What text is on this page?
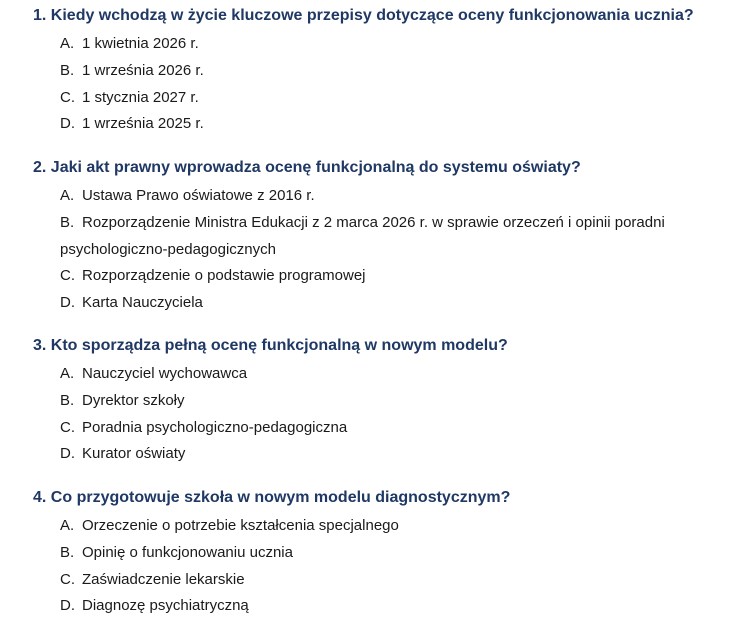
1. Kiedy wchodzą w życie kluczowe przepisy dotyczące oceny funkcjonowania ucznia?
A. 1 kwietnia 2026 r.
B. 1 września 2026 r.
C. 1 stycznia 2027 r.
D. 1 września 2025 r.
2. Jaki akt prawny wprowadza ocenę funkcjonalną do systemu oświaty?
A. Ustawa Prawo oświatowe z 2016 r.
B. Rozporządzenie Ministra Edukacji z 2 marca 2026 r. w sprawie orzeczeń i opinii poradni psychologiczno-pedagogicznych
C. Rozporządzenie o podstawie programowej
D. Karta Nauczyciela
3. Kto sporządza pełną ocenę funkcjonalną w nowym modelu?
A. Nauczyciel wychowawca
B. Dyrektor szkoły
C. Poradnia psychologiczno-pedagogiczna
D. Kurator oświaty
4. Co przygotowuje szkoła w nowym modelu diagnostycznym?
A. Orzeczenie o potrzebie kształcenia specjalnego
B. Opinię o funkcjonowaniu ucznia
C. Zaświadczenie lekarskie
D. Diagnozę psychiatryczną
